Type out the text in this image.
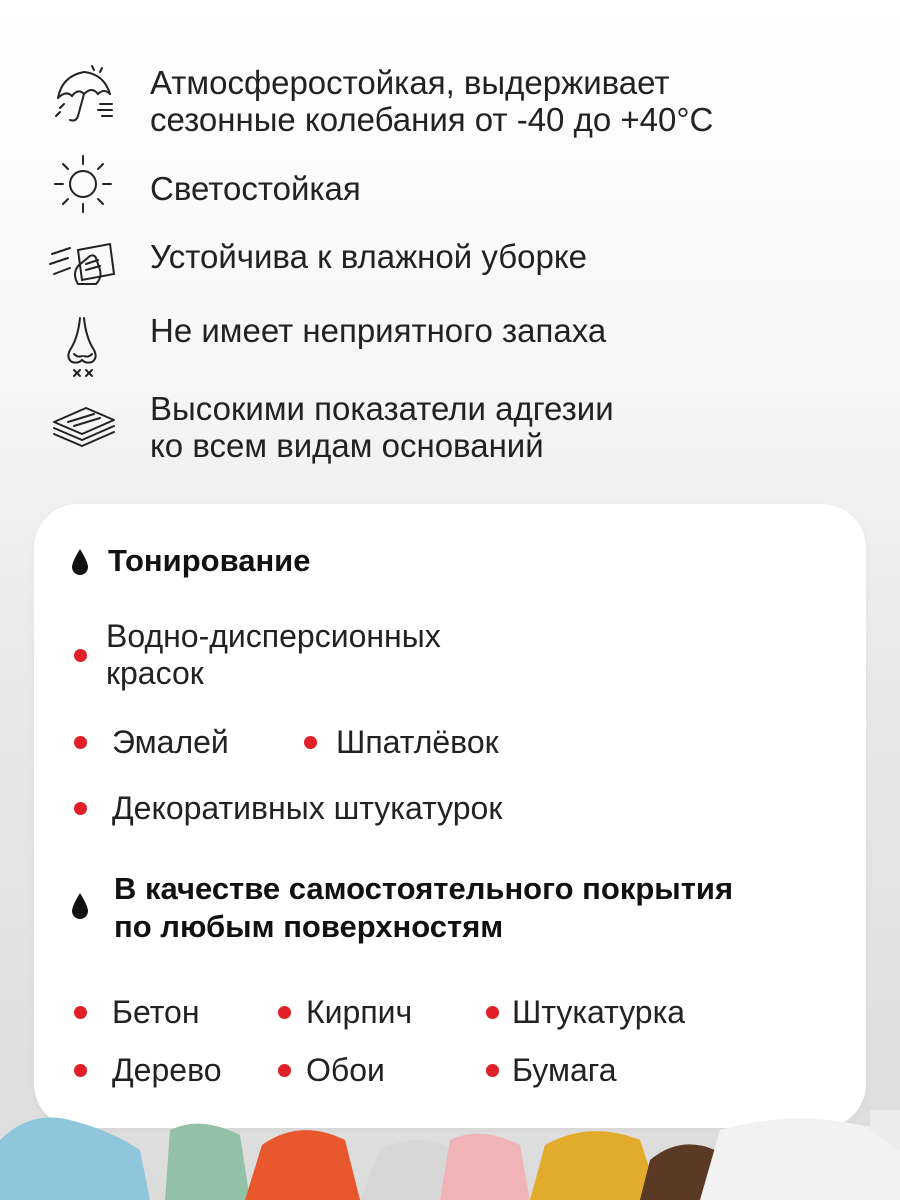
Атмосферостойкая, выдерживает
сезонные колебания от -40 до +40°С
Светостойкая
Устойчива к влажной уборке
Не имеет неприятного запаха
Высокими показатели адгезии
ко всем видам оснований
Тонирование
Водно-дисперсионных
красок
Эмалей	Шпатлёвок
Декоративных штукатурок
В качестве самостоятельного покрытия
по любым поверхностям
Бетон	Кирпич	Штукатурка
Дерево	Обои	Бумага
